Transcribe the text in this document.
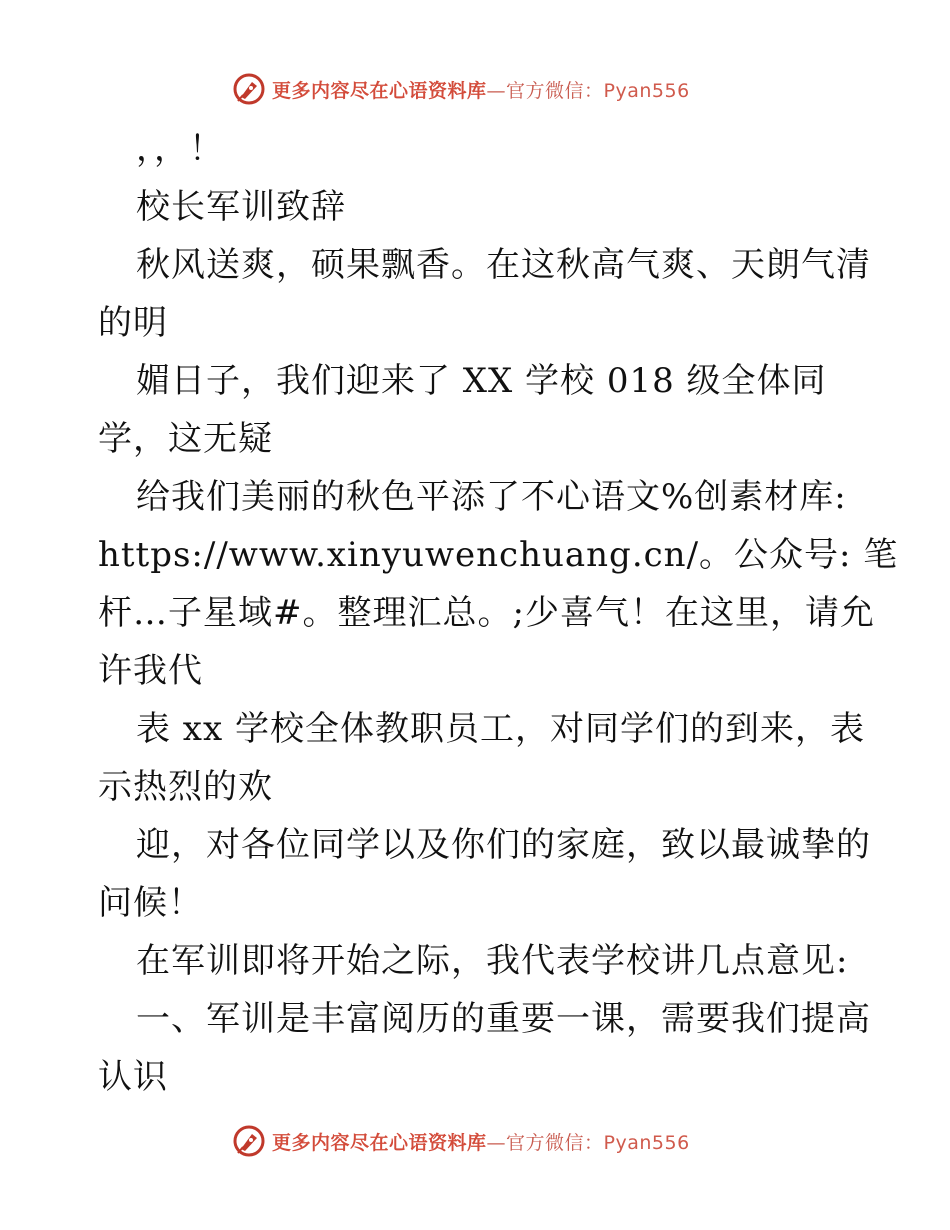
更多内容尽在心语资料库—官方微信：Pyan556
，，！
校长军训致辞
秋风送爽，硕果飘香。在这秋高气爽、天朗气清
的明
媚日子，我们迎来了 XX 学校 018 级全体同
学，这无疑
给我们美丽的秋色平添了不心语文%创素材库:
https://www.xinyuwenchuang.cn/。公众号: 笔
杆…子星域#。整理汇总。;少喜气！在这里，请允
许我代
表 xx 学校全体教职员工，对同学们的到来，表
示热烈的欢
迎，对各位同学以及你们的家庭，致以最诚挚的
问候！
在军训即将开始之际，我代表学校讲几点意见:
一、军训是丰富阅历的重要一课，需要我们提高
认识
更多内容尽在心语资料库—官方微信：Pyan556
